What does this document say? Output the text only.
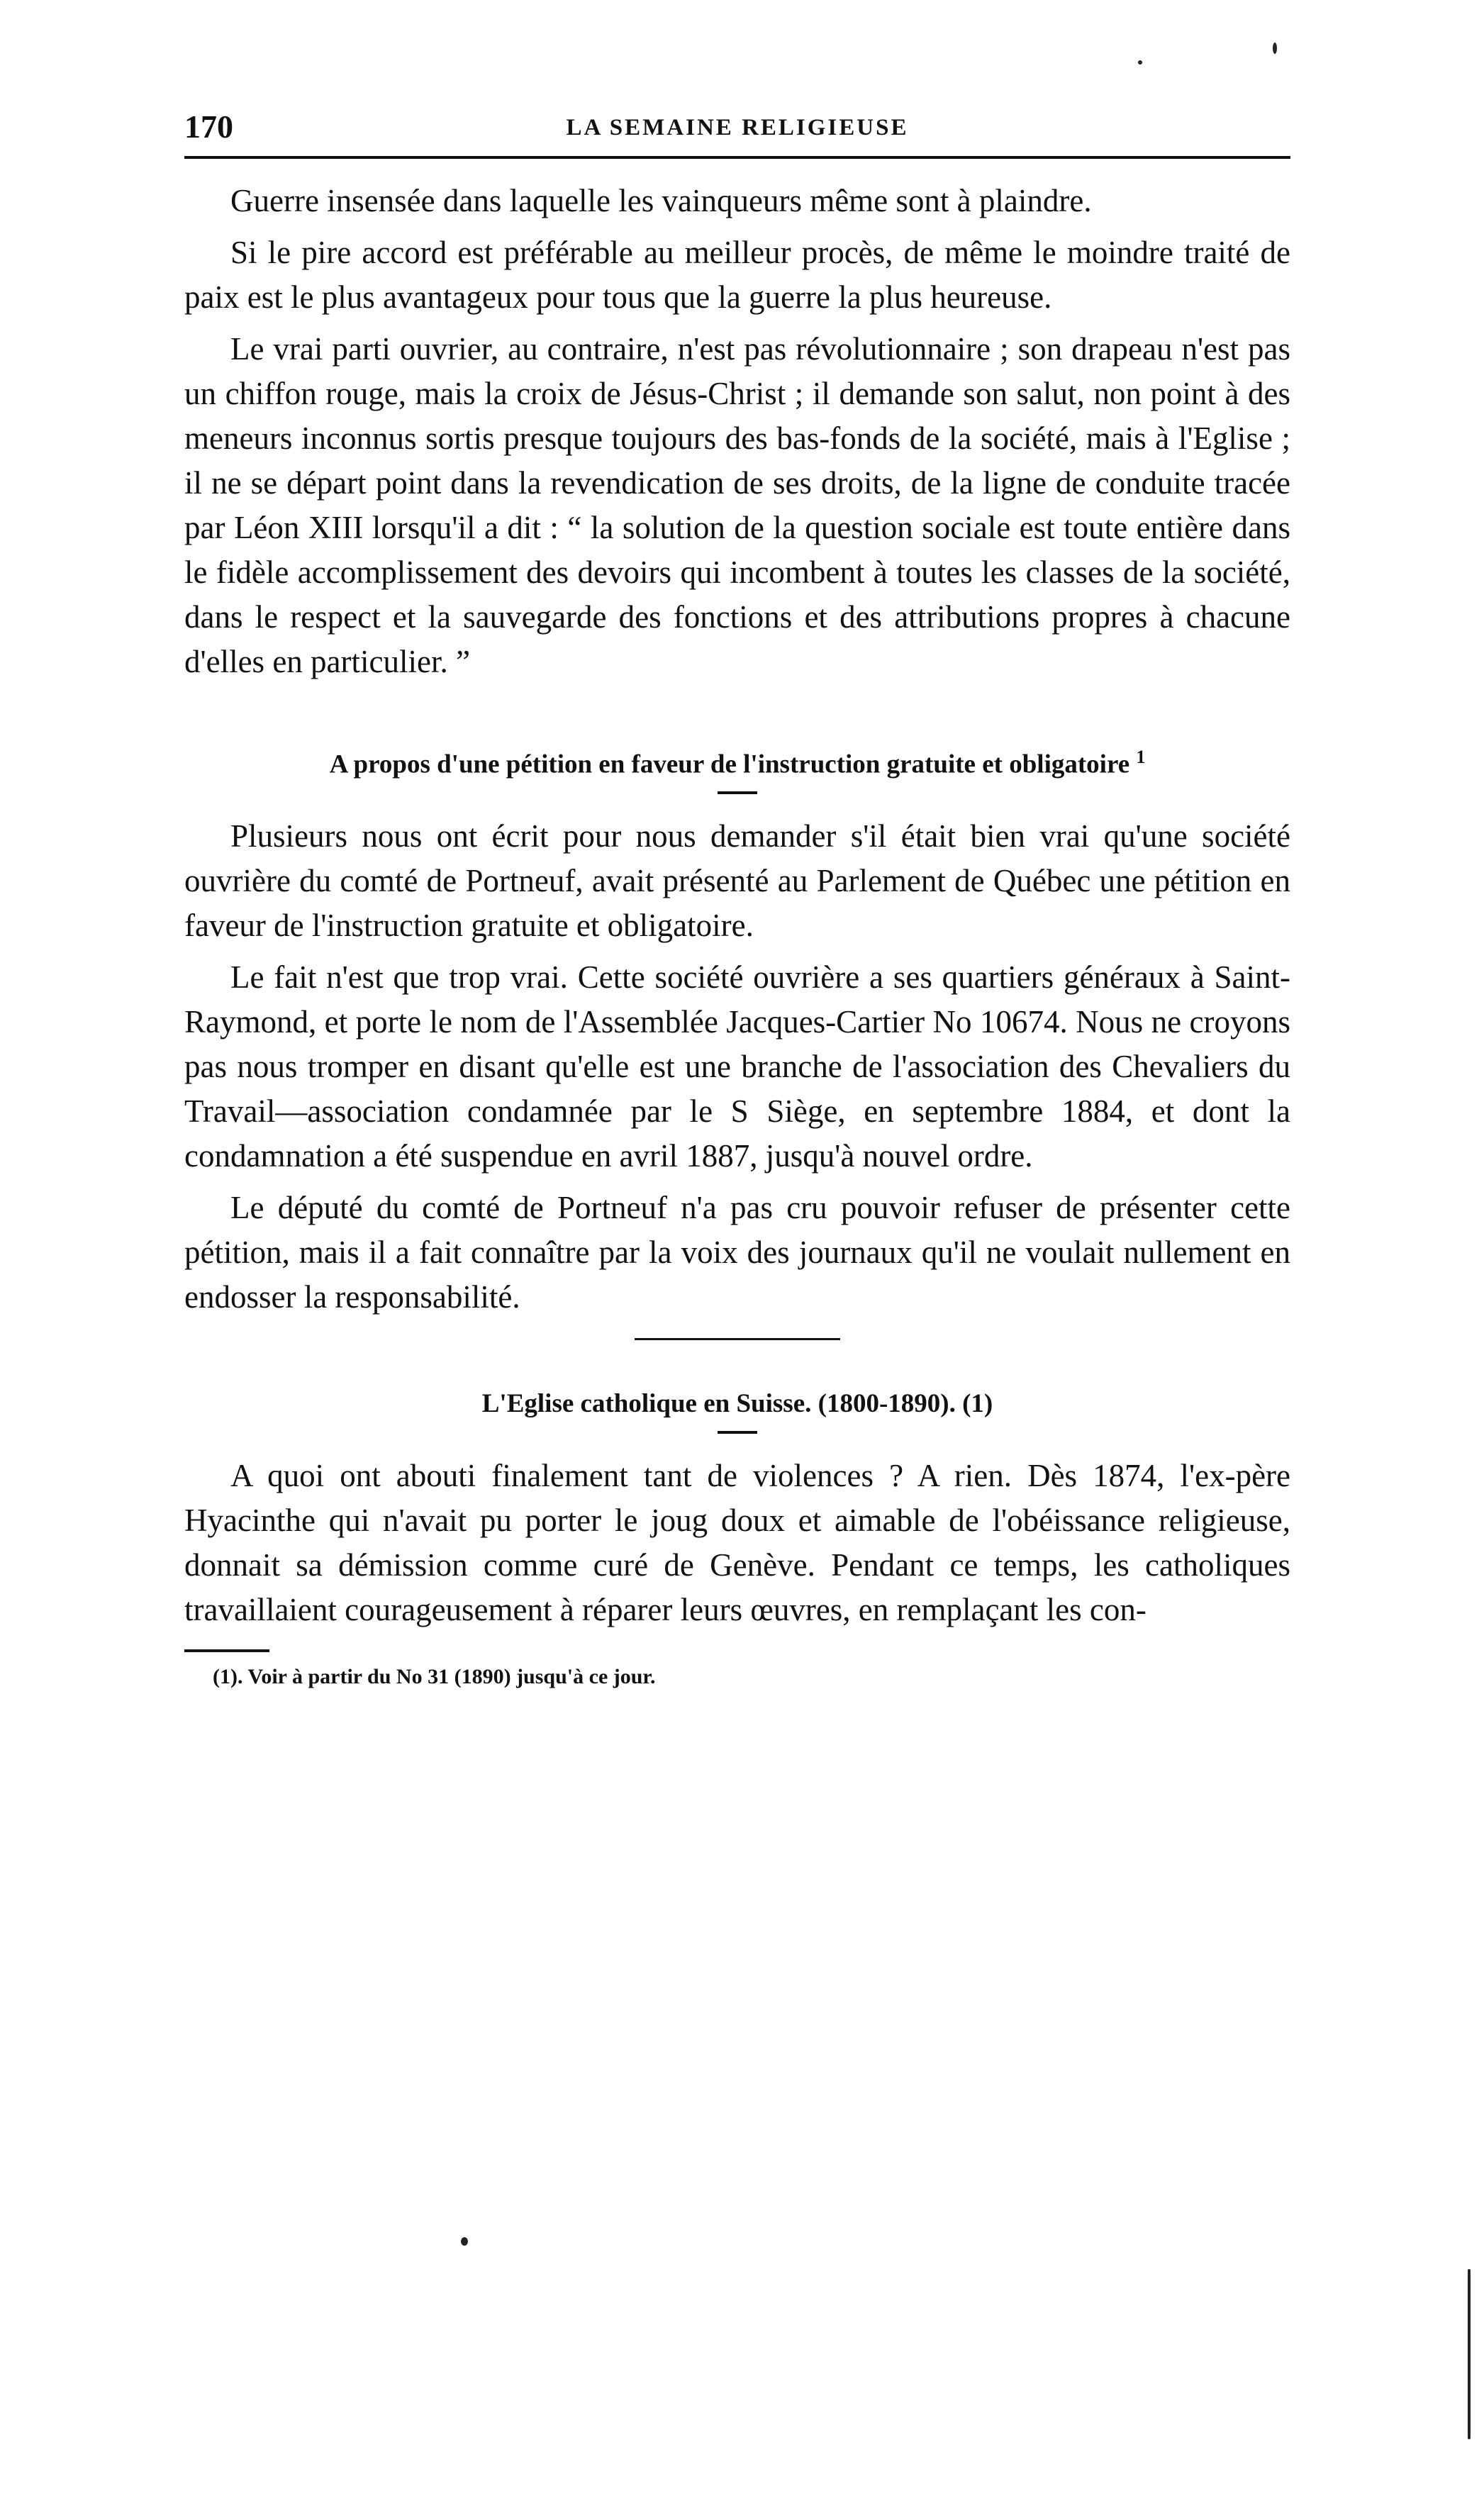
170	LA SEMAINE RELIGIEUSE

Guerre insensée dans laquelle les vainqueurs même sont à plaindre.

Si le pire accord est préférable au meilleur procès, de même le moindre traité de paix est le plus avantageux pour tous que la guerre la plus heureuse.

Le vrai parti ouvrier, au contraire, n'est pas révolutionnaire ; son drapeau n'est pas un chiffon rouge, mais la croix de Jésus-Christ ; il demande son salut, non point à des meneurs inconnus sortis presque toujours des bas-fonds de la société, mais à l'Eglise ; il ne se départ point dans la revendication de ses droits, de la ligne de conduite tracée par Léon XIII lorsqu'il a dit : “ la solution de la question sociale est toute entière dans le fidèle accomplissement des devoirs qui incombent à toutes les classes de la société, dans le respect et la sauvegarde des fonctions et des attributions propres à chacune d'elles en particulier. ”

A propos d'une pétition en faveur de l'instruction gratuite et obligatoire $^1$

Plusieurs nous ont écrit pour nous demander s'il était bien vrai qu'une société ouvrière du comté de Portneuf, avait présenté au Parlement de Québec une pétition en faveur de l'instruction gratuite et obligatoire.

Le fait n'est que trop vrai. Cette société ouvrière a ses quartiers généraux à Saint-Raymond, et porte le nom de l'Assemblée Jacques-Cartier No 10674. Nous ne croyons pas nous tromper en disant qu'elle est une branche de l'association des Chevaliers du Travail—association condamnée par le S Siège, en septembre 1884, et dont la condamnation a été suspendue en avril 1887, jusqu'à nouvel ordre.

Le député du comté de Portneuf n'a pas cru pouvoir refuser de présenter cette pétition, mais il a fait connaître par la voix des journaux qu'il ne voulait nullement en endosser la responsabilité.

L'Eglise catholique en Suisse. (1800-1890). (1)

A quoi ont abouti finalement tant de violences ? A rien. Dès 1874, l'ex-père Hyacinthe qui n'avait pu porter le joug doux et aimable de l'obéissance religieuse, donnait sa démission comme curé de Genève. Pendant ce temps, les catholiques travaillaient courageusement à réparer leurs œuvres, en remplaçant les con-

(1). Voir à partir du No 31 (1890) jusqu'à ce jour.
